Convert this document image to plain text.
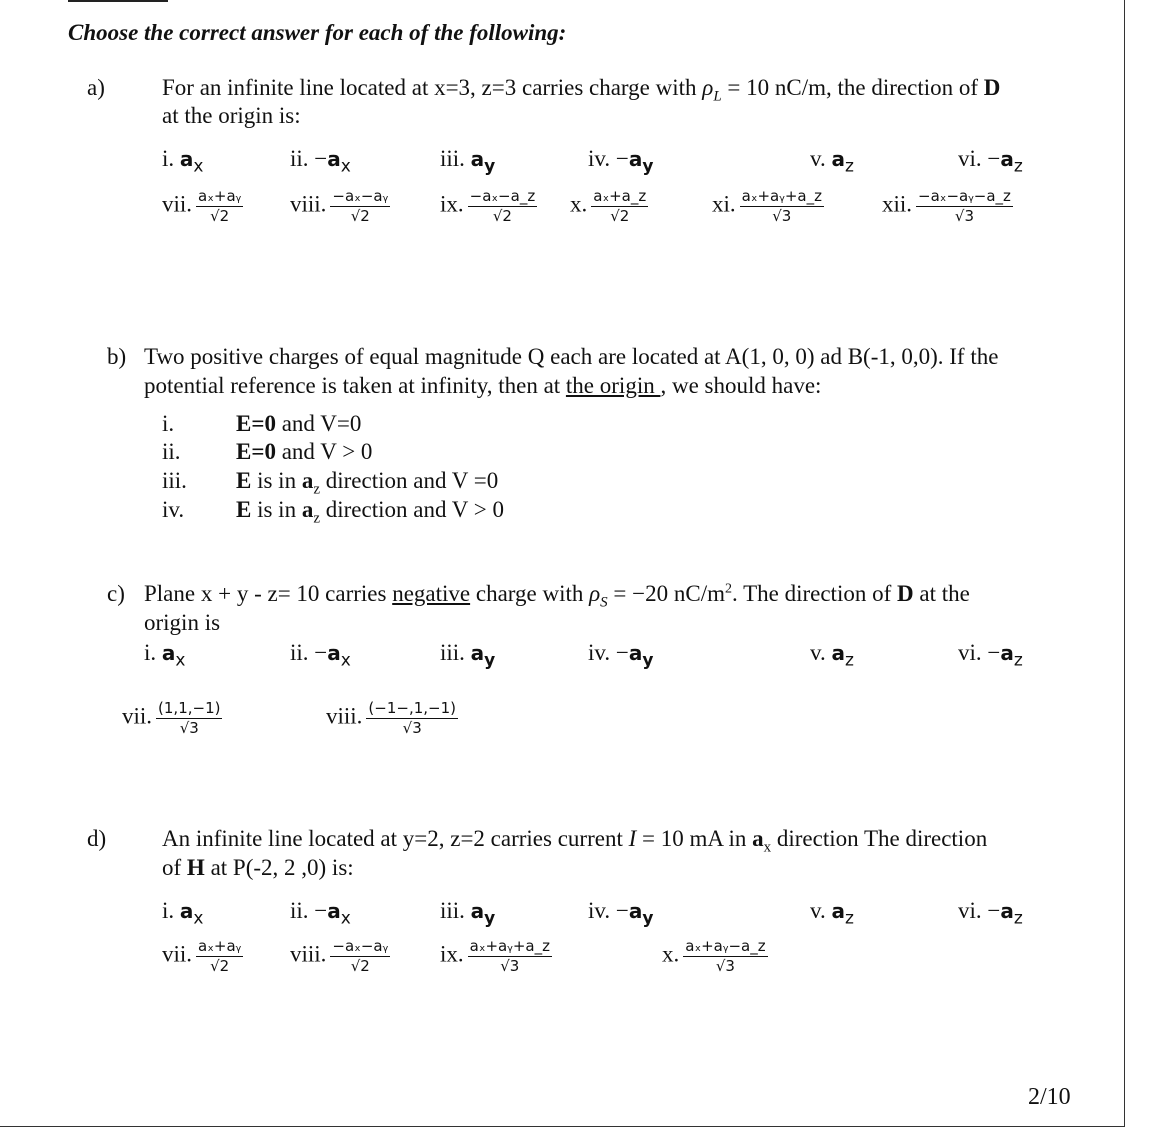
Choose the correct answer for each of the following:
a) For an infinite line located at x=3, z=3 carries charge with $\rho_L = 10$ nC/m, the direction of D
at the origin is:
i. $a_x$	ii. $-a_x$	iii. $a_y$	iv. $-a_y$	v. $a_z$	vi. $-a_z$
vii. $\frac{\text{aₓ+aᵧ}}{√2}$ viii. $\frac{\text{−aₓ−aᵧ}}{√2}$ ix. $\frac{\text{−aₓ−a\_z}}{√2} x$. $\frac{\text{aₓ+a\_z}}{√2}$	xi. $\frac{\text{aₓ+aᵧ+a\_z}}{√3}$	xii. $\frac{\text{−aₓ−aᵧ−a\_z}}{√3}$
b) Two positive charges of equal magnitude Q each are located at A(1, 0, 0) ad B(-1, 0,0). If the
potential reference is taken at infinity, then at the origin , we should have:
i.	E=0 and V=0
ii. E=0 and V > 0
iii. E is in $a_z$ direction and V =0
iv. E is in $a_z$ direction and V > 0
c) Plane x + y - z= 10 carries negative charge with $\rho_S = -20$ $nC/m^2$. The direction of D at the
origin is
i. $a_x$	ii. $-a_x$	iii. $a_y$	iv. $-a_y$	v. $a_z$	vi. $-a_z$
vii. $\frac{(1,1,-1)}{√3}$	viii. $\frac{(-1-,1,-1)}{√3}$
d) An infinite line located at y=2, z=2 carries current I = 10 mA in $a_x$ direction The direction
of H at P(-2, 2 ,0) is:
i. $a_x$	ii. $-a_x$	iii. $a_y$	iv. $-a_y$	v. $a_z$	vi. $-a_z$
vii. $\frac{\text{aₓ+aᵧ}}{√2}$ viii. $\frac{\text{−aₓ−aᵧ}}{√2}$ ix. $\frac{\text{aₓ+aᵧ+a\_z}}{√3}$	x. $\frac{\text{aₓ+aᵧ−a\_z}}{√3}$
2/10
